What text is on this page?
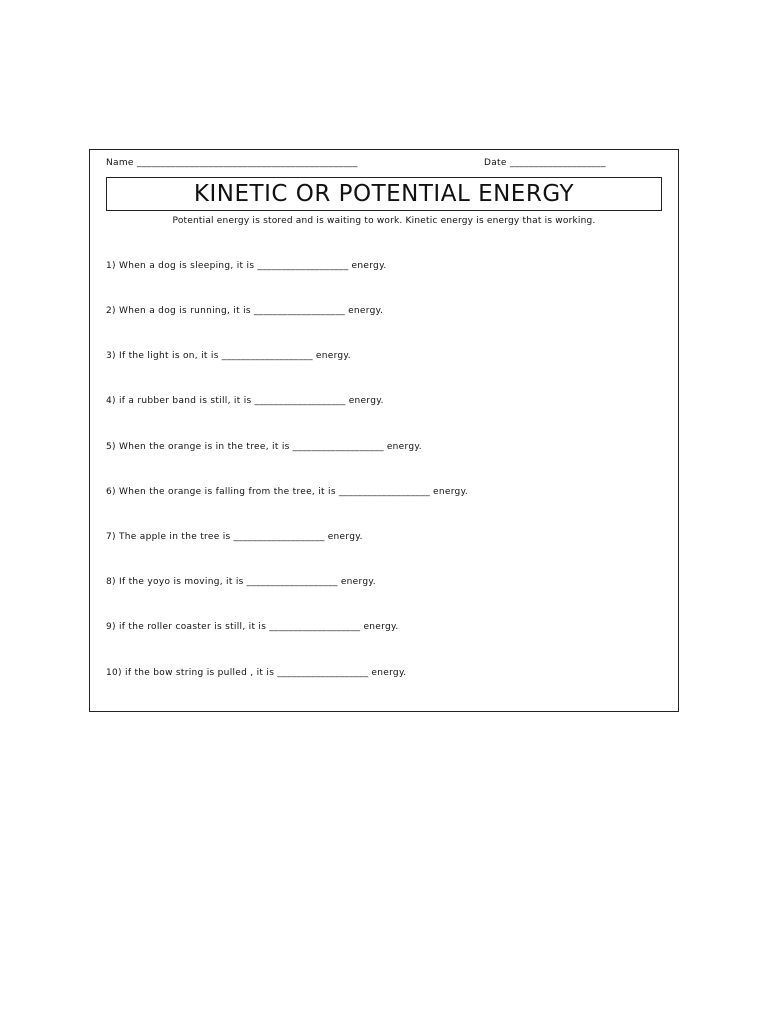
Name ______________________________________________	Date ____________________
KINETIC OR POTENTIAL ENERGY
Potential energy is stored and is waiting to work. Kinetic energy is energy that is working.
1) When a dog is sleeping, it is ___________________ energy.
2) When a dog is running, it is ___________________ energy.
3) If the light is on, it is ___________________ energy.
4) if a rubber band is still, it is ___________________ energy.
5) When the orange is in the tree, it is ___________________ energy.
6) When the orange is falling from the tree, it is ___________________ energy.
7) The apple in the tree is ___________________ energy.
8) If the yoyo is moving, it is ___________________ energy.
9) if the roller coaster is still, it is ___________________ energy.
10) if the bow string is pulled , it is ___________________ energy.
